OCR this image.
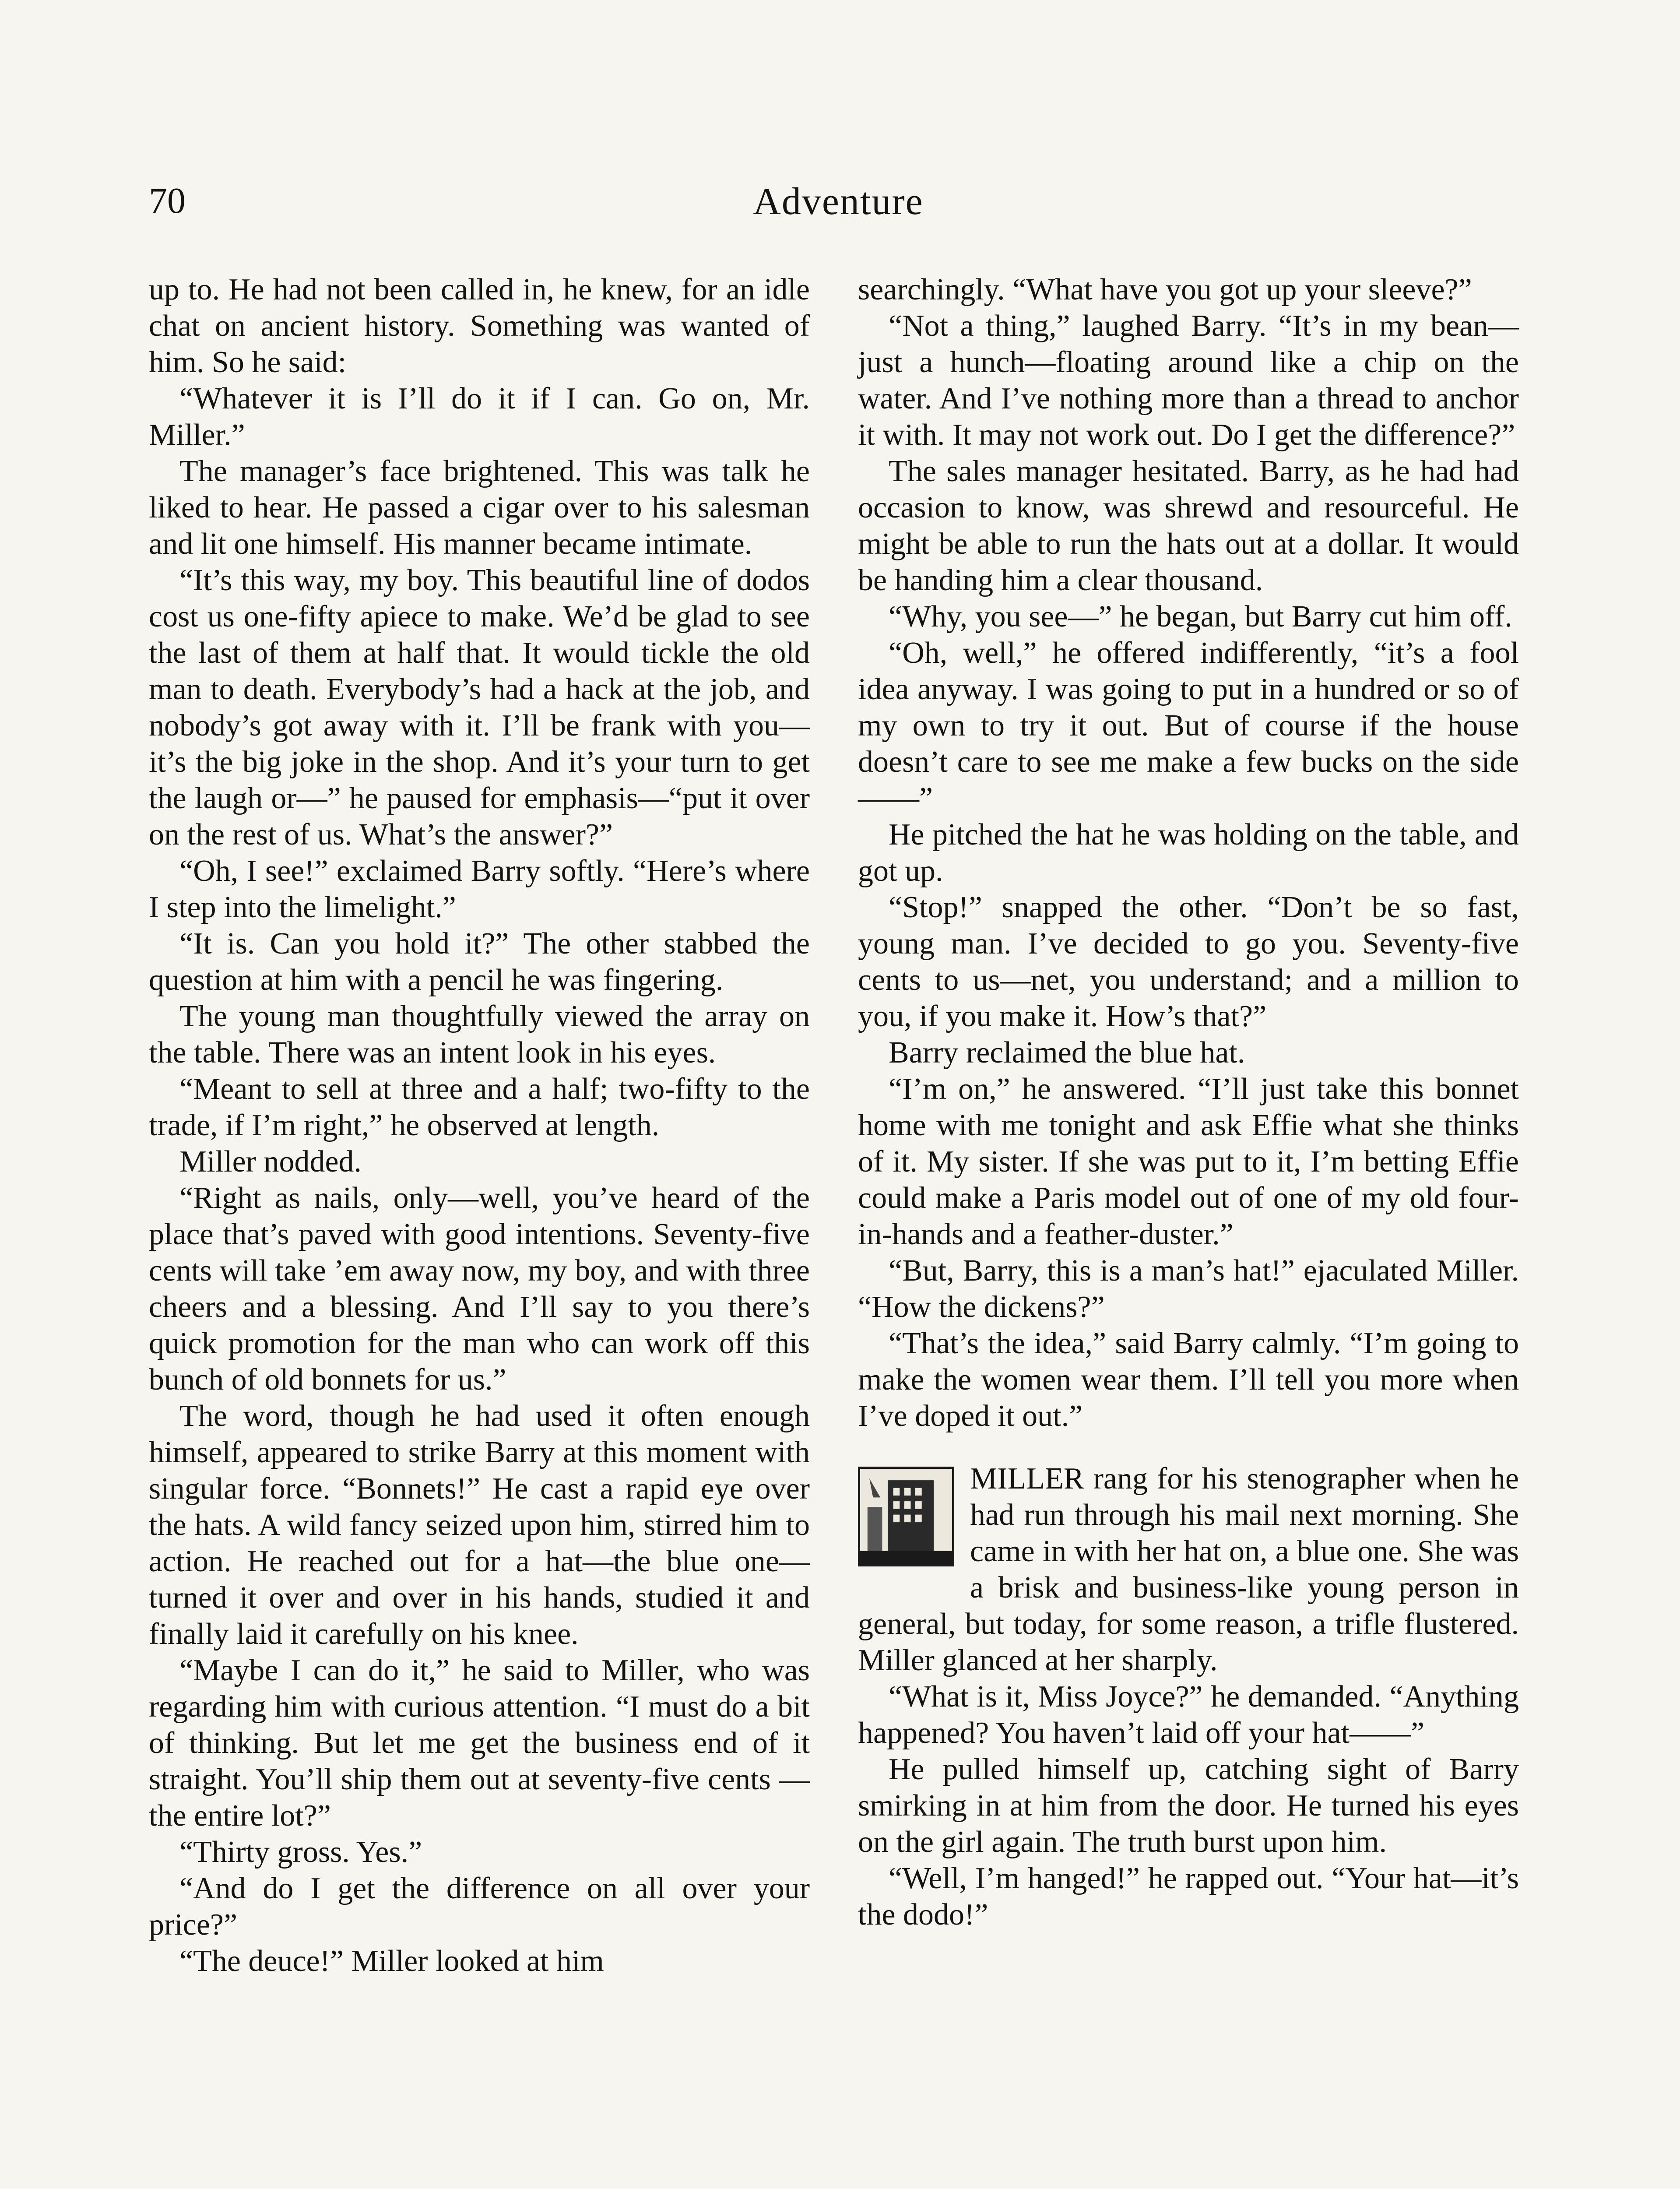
70	Adventure

up to. He had not been called in, he knew, for an idle chat on ancient history. Something was wanted of him. So he said:

“Whatever it is I’ll do it if I can. Go on, Mr. Miller.”

The manager’s face brightened. This was talk he liked to hear. He passed a cigar over to his salesman and lit one himself. His manner became intimate.

“It’s this way, my boy. This beautiful line of dodos cost us one-fifty apiece to make. We’d be glad to see the last of them at half that. It would tickle the old man to death. Everybody’s had a hack at the job, and nobody’s got away with it. I’ll be frank with you—it’s the big joke in the shop. And it’s your turn to get the laugh or—” he paused for emphasis—“put it over on the rest of us. What’s the answer?”

“Oh, I see!” exclaimed Barry softly. “Here’s where I step into the limelight.”

“It is. Can you hold it?” The other stabbed the question at him with a pencil he was fingering.

The young man thoughtfully viewed the array on the table. There was an intent look in his eyes.

“Meant to sell at three and a half; two-fifty to the trade, if I’m right,” he observed at length.

Miller nodded.

“Right as nails, only—well, you’ve heard of the place that’s paved with good intentions. Seventy-five cents will take ’em away now, my boy, and with three cheers and a blessing. And I’ll say to you there’s quick promotion for the man who can work off this bunch of old bonnets for us.”

The word, though he had used it often enough himself, appeared to strike Barry at this moment with singular force. “Bonnets!” He cast a rapid eye over the hats. A wild fancy seized upon him, stirred him to action. He reached out for a hat—the blue one—turned it over and over in his hands, studied it and finally laid it carefully on his knee.

“Maybe I can do it,” he said to Miller, who was regarding him with curious attention. “I must do a bit of thinking. But let me get the business end of it straight. You’ll ship them out at seventy-five cents —the entire lot?”

“Thirty gross. Yes.”

“And do I get the difference on all over your price?”

“The deuce!” Miller looked at him

searchingly. “What have you got up your sleeve?”

“Not a thing,” laughed Barry. “It’s in my bean—just a hunch—floating around like a chip on the water. And I’ve nothing more than a thread to anchor it with. It may not work out. Do I get the difference?”

The sales manager hesitated. Barry, as he had had occasion to know, was shrewd and resourceful. He might be able to run the hats out at a dollar. It would be handing him a clear thousand.

“Why, you see—” he began, but Barry cut him off.

“Oh, well,” he offered indifferently, “it’s a fool idea anyway. I was going to put in a hundred or so of my own to try it out. But of course if the house doesn’t care to see me make a few bucks on the side——”

He pitched the hat he was holding on the table, and got up.

“Stop!” snapped the other. “Don’t be so fast, young man. I’ve decided to go you. Seventy-five cents to us—net, you understand; and a million to you, if you make it. How’s that?”

Barry reclaimed the blue hat.

“I’m on,” he answered. “I’ll just take this bonnet home with me tonight and ask Effie what she thinks of it. My sister. If she was put to it, I’m betting Effie could make a Paris model out of one of my old four-in-hands and a feather-duster.”

“But, Barry, this is a man’s hat!” ejaculated Miller. “How the dickens?”

“That’s the idea,” said Barry calmly. “I’m going to make the women wear them. I’ll tell you more when I’ve doped it out.”

MILLER rang for his stenographer when he had run through his mail next morning. She came in with her hat on, a blue one. She was a brisk and business-like young person in general, but today, for some reason, a trifle flustered. Miller glanced at her sharply.

“What is it, Miss Joyce?” he demanded. “Anything happened? You haven’t laid off your hat——”

He pulled himself up, catching sight of Barry smirking in at him from the door. He turned his eyes on the girl again. The truth burst upon him.

“Well, I’m hanged!” he rapped out. “Your hat—it’s the dodo!”
